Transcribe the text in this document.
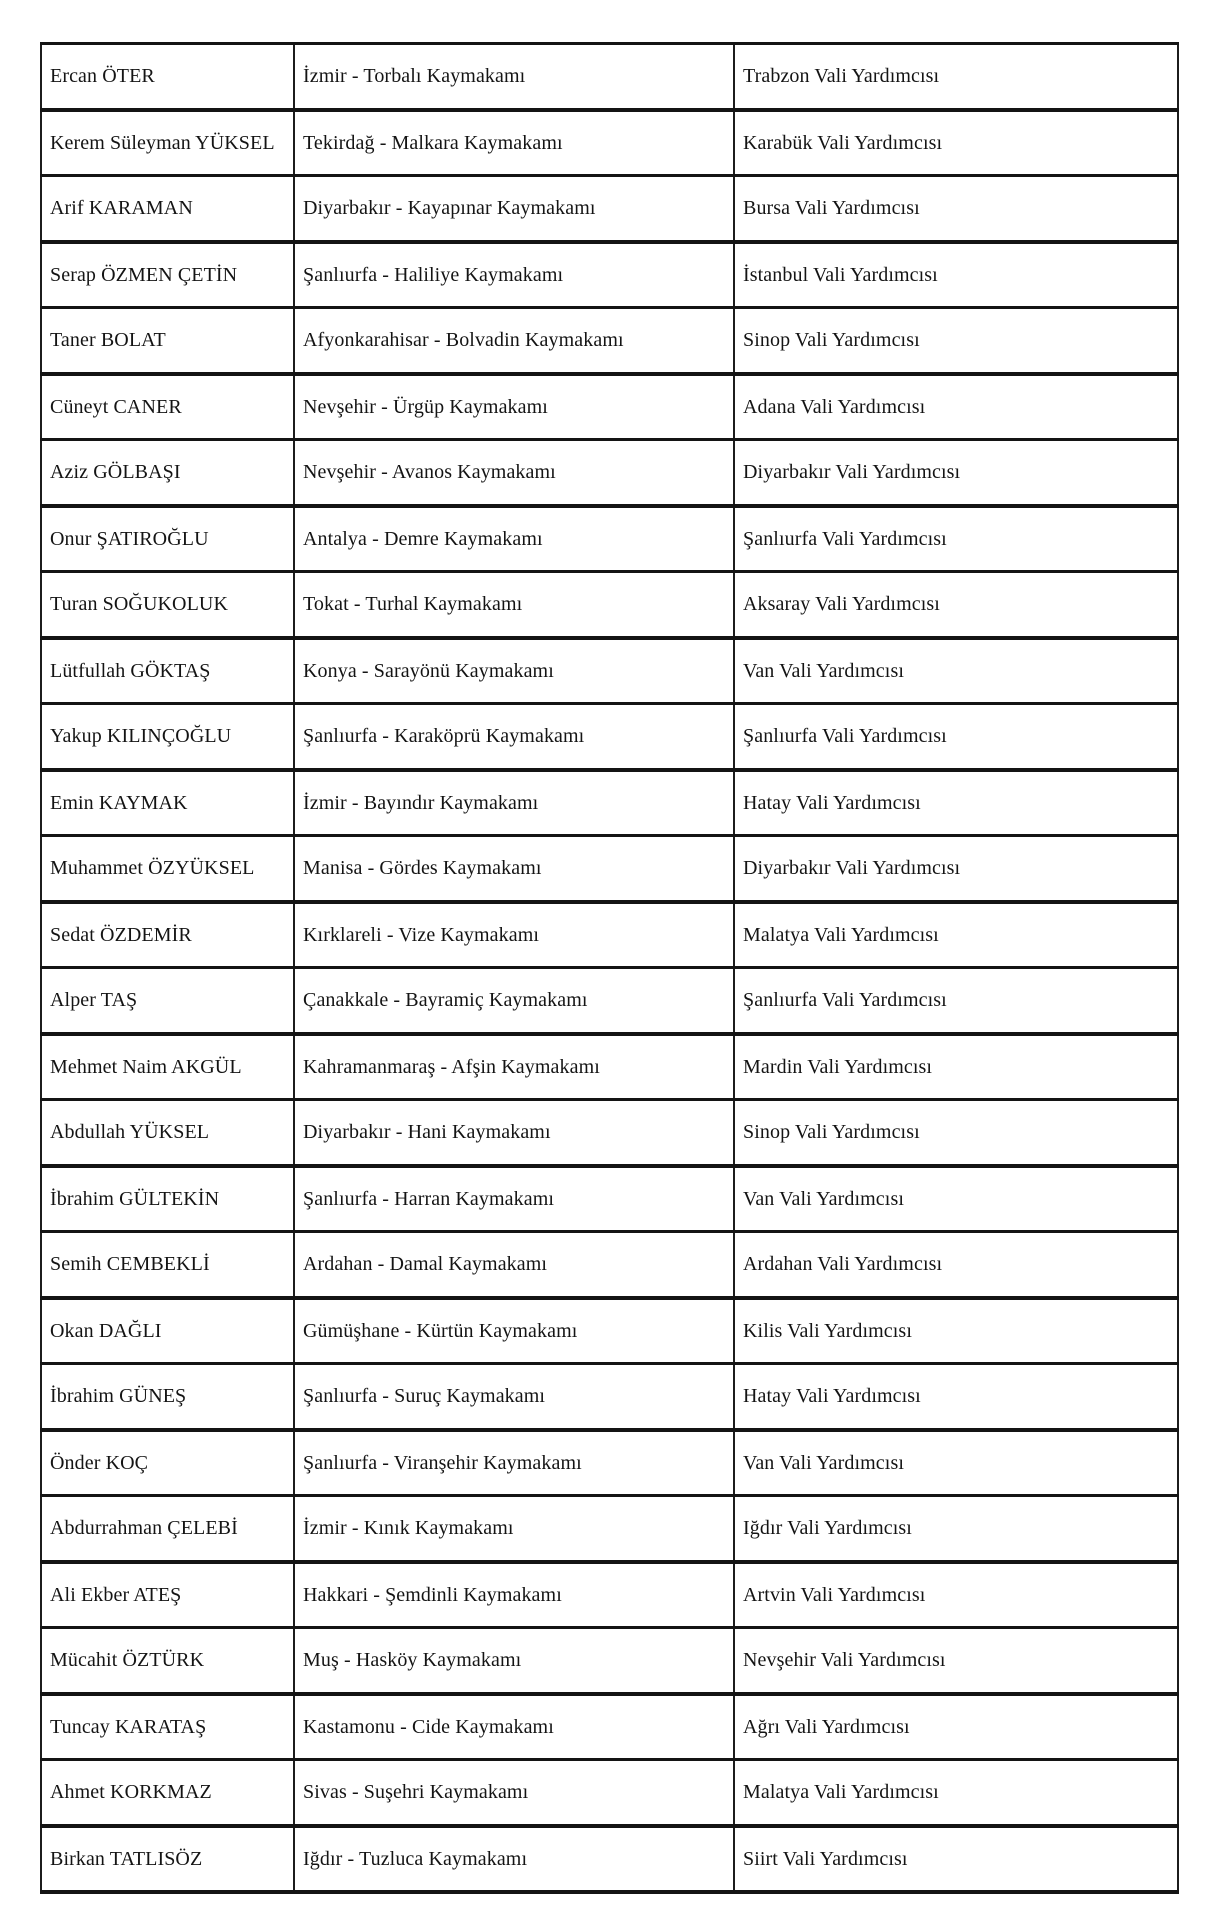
Ercan ÖTER	İzmir - Torbalı Kaymakamı	Trabzon Vali Yardımcısı
Kerem Süleyman YÜKSEL	Tekirdağ - Malkara Kaymakamı	Karabük Vali Yardımcısı
Arif KARAMAN	Diyarbakır - Kayapınar Kaymakamı	Bursa Vali Yardımcısı
Serap ÖZMEN ÇETİN	Şanlıurfa - Haliliye Kaymakamı	İstanbul Vali Yardımcısı
Taner BOLAT	Afyonkarahisar - Bolvadin Kaymakamı	Sinop Vali Yardımcısı
Cüneyt CANER	Nevşehir - Ürgüp Kaymakamı	Adana Vali Yardımcısı
Aziz GÖLBAŞI	Nevşehir - Avanos Kaymakamı	Diyarbakır Vali Yardımcısı
Onur ŞATIROĞLU	Antalya - Demre Kaymakamı	Şanlıurfa Vali Yardımcısı
Turan SOĞUKOLUK	Tokat - Turhal Kaymakamı	Aksaray Vali Yardımcısı
Lütfullah GÖKTAŞ	Konya - Sarayönü Kaymakamı	Van Vali Yardımcısı
Yakup KILINÇOĞLU	Şanlıurfa - Karaköprü Kaymakamı	Şanlıurfa Vali Yardımcısı
Emin KAYMAK	İzmir - Bayındır Kaymakamı	Hatay Vali Yardımcısı
Muhammet ÖZYÜKSEL	Manisa - Gördes Kaymakamı	Diyarbakır Vali Yardımcısı
Sedat ÖZDEMİR	Kırklareli - Vize Kaymakamı	Malatya Vali Yardımcısı
Alper TAŞ	Çanakkale - Bayramiç Kaymakamı	Şanlıurfa Vali Yardımcısı
Mehmet Naim AKGÜL	Kahramanmaraş - Afşin Kaymakamı	Mardin Vali Yardımcısı
Abdullah YÜKSEL	Diyarbakır - Hani Kaymakamı	Sinop Vali Yardımcısı
İbrahim GÜLTEKİN	Şanlıurfa - Harran Kaymakamı	Van Vali Yardımcısı
Semih CEMBEKLİ	Ardahan - Damal Kaymakamı	Ardahan Vali Yardımcısı
Okan DAĞLI	Gümüşhane - Kürtün Kaymakamı	Kilis Vali Yardımcısı
İbrahim GÜNEŞ	Şanlıurfa - Suruç Kaymakamı	Hatay Vali Yardımcısı
Önder KOÇ	Şanlıurfa - Viranşehir Kaymakamı	Van Vali Yardımcısı
Abdurrahman ÇELEBİ	İzmir - Kınık Kaymakamı	Iğdır Vali Yardımcısı
Ali Ekber ATEŞ	Hakkari - Şemdinli Kaymakamı	Artvin Vali Yardımcısı
Mücahit ÖZTÜRK	Muş - Hasköy Kaymakamı	Nevşehir Vali Yardımcısı
Tuncay KARATAŞ	Kastamonu - Cide Kaymakamı	Ağrı Vali Yardımcısı
Ahmet KORKMAZ	Sivas - Suşehri Kaymakamı	Malatya Vali Yardımcısı
Birkan TATLISÖZ	Iğdır - Tuzluca Kaymakamı	Siirt Vali Yardımcısı
